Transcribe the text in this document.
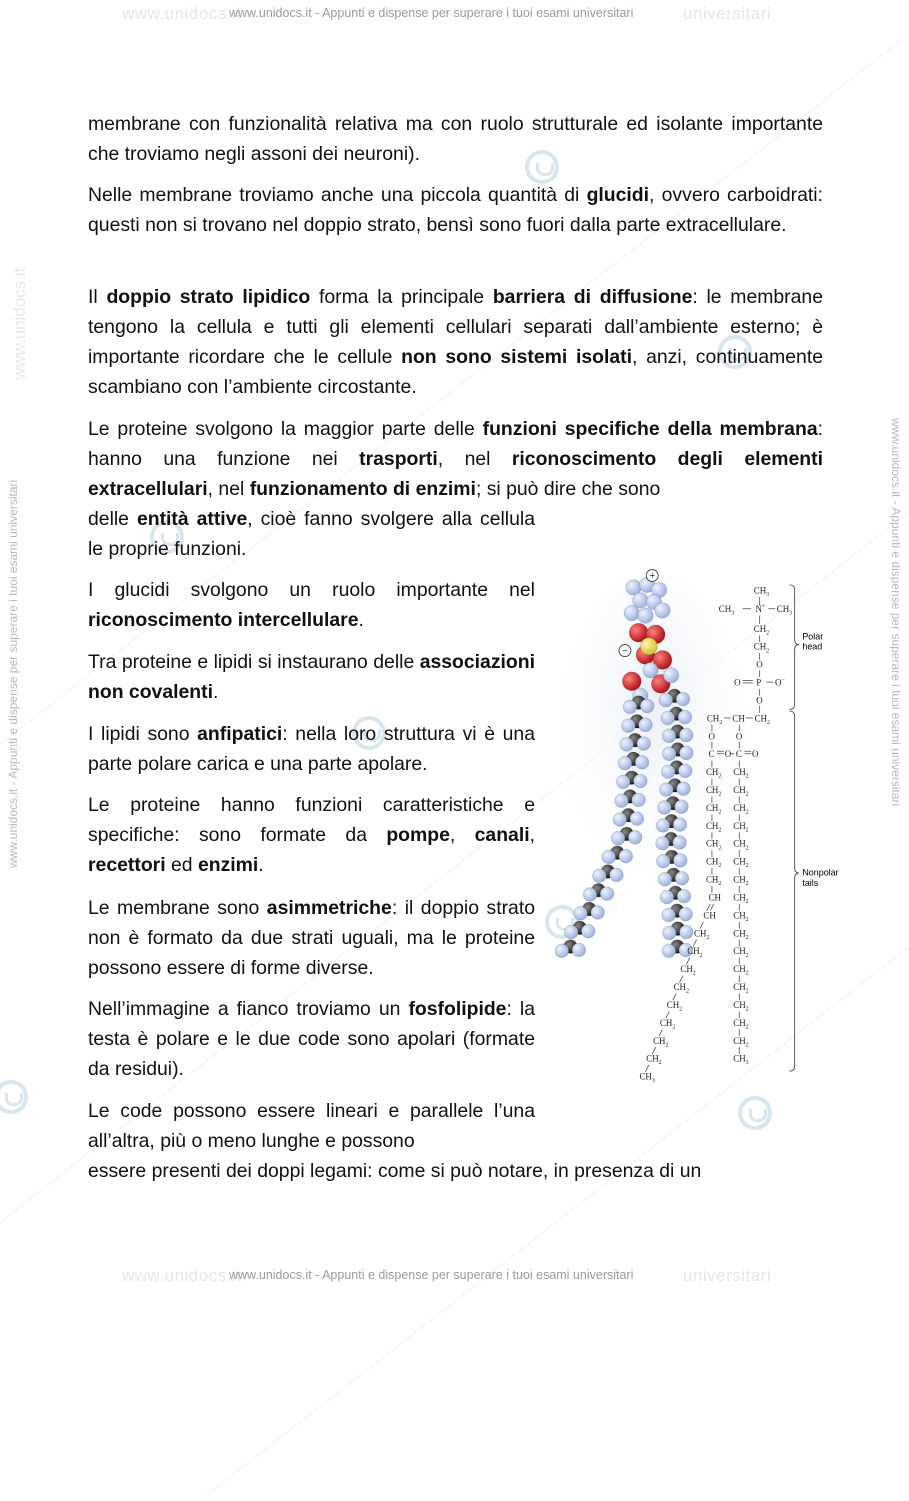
www.unidocs.it
www.unidocs.it - Appunti e dispense per superare i tuoi esami universitari	universitari
www.unidocs.it
www.unidocs.it - Appunti e dispense per superare i tuoi esami universitari	universitari
www.unidocs.it - Appunti e dispense per superare i tuoi esami universitari
www.unidocs.it
www.unidocs.it - Appunti e dispense per superare i tuoi esami universitari

membrane con funzionalità relativa ma con ruolo strutturale ed isolante importante che troviamo negli assoni dei neuroni).

Nelle membrane troviamo anche una piccola quantità di glucidi, ovvero carboidrati: questi non si trovano nel doppio strato, bensì sono fuori dalla parte extracellulare.

Il doppio strato lipidico forma la principale barriera di diffusione: le membrane tengono la cellula e tutti gli elementi cellulari separati dall’ambiente esterno; è importante ricordare che le cellule non sono sistemi isolati, anzi, continuamente scambiano con l’ambiente circostante.

Le proteine svolgono la maggior parte delle funzioni specifiche della membrana: hanno una funzione nei trasporti, nel riconoscimento degli elementi extracellulari, nel funzionamento di enzimi; si può dire che sono

delle entità attive, cioè fanno svolgere alla cellula le proprie funzioni.

I glucidi svolgono un ruolo importante nel riconoscimento intercellulare.

Tra proteine e lipidi si instaurano delle associazioni non covalenti.

I lipidi sono anfipatici: nella loro struttura vi è una parte polare carica e una parte apolare.

Le proteine hanno funzioni caratteristiche e specifiche: sono formate da pompe, canali, recettori ed enzimi.

Le membrane sono asimmetriche: il doppio strato non è formato da due strati uguali, ma le proteine possono essere di forme diverse.

Nell’immagine a fianco troviamo un fosfolipide: la testa è polare e le due code sono apolari (formate da residui).

Le code possono essere lineari e parallele l’una all’altra, più o meno lunghe e possono

essere presenti dei doppi legami: come si può notare, in presenza di un

+
−
$CH_3$
$CH_3$ N+ $CH_3$
$CH_2$
$CH_2$
O
O P O−
O
$CH_2$ CH $CH_2$
O O
C C
O O
$CH_2$
$CH_2$
$CH_2$
$CH_2$
$CH_2$
$CH_2$
$CH_2$
CH
CH
$CH_2$
$CH_2$
$CH_2$
$CH_2$
$CH_2$
$CH_2$
$CH_2$
$CH_2$
$CH_3$
$CH_2$
$CH_2$
$CH_2$
$CH_2$
$CH_2$
$CH_2$
$CH_2$
$CH_2$
$CH_2$
$CH_2$
$CH_2$
$CH_2$
$CH_2$
$CH_2$
$CH_2$
$CH_2$
$CH_3$
Polar
head
Nonpolar
tails
